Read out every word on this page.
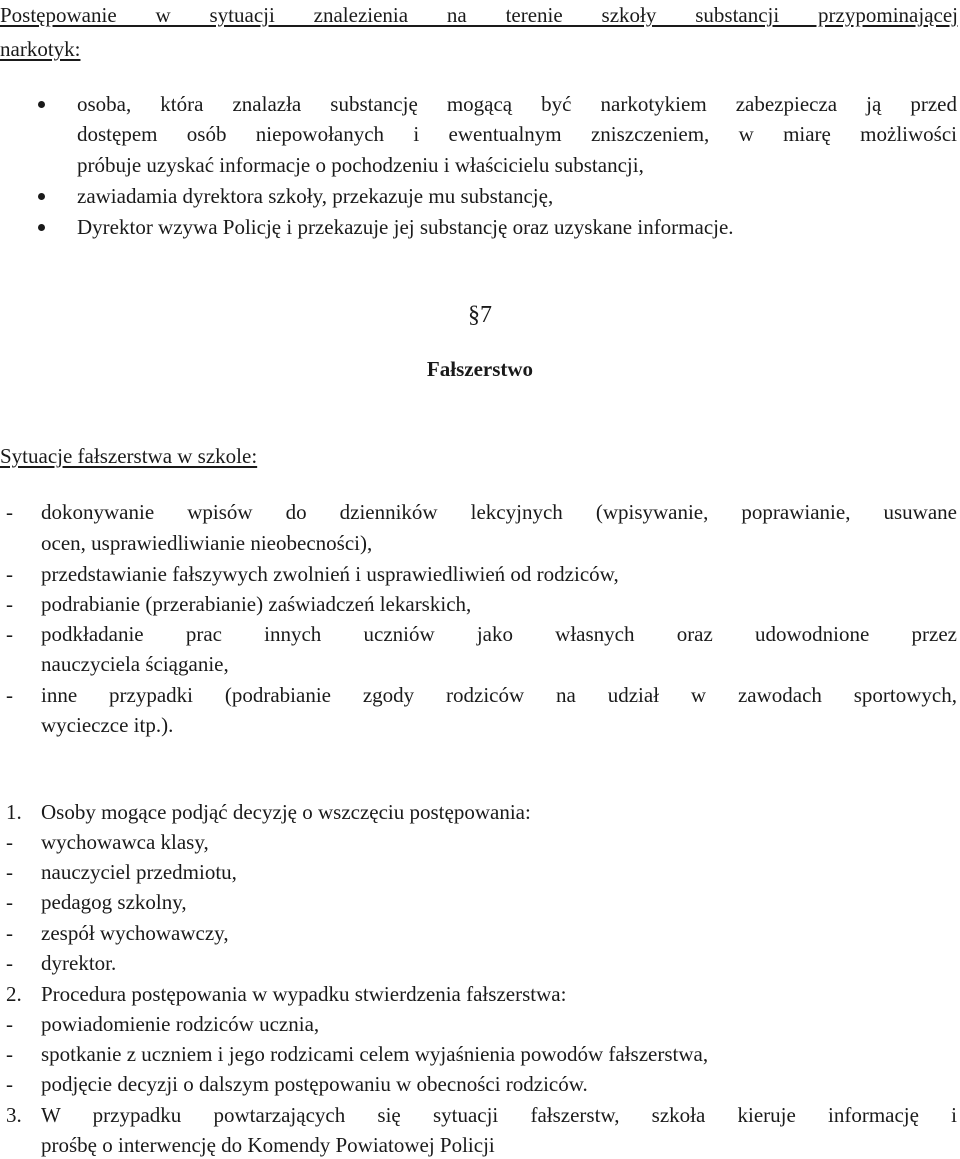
Postępowanie w sytuacji znalezienia na terenie szkoły substancji przypominającej
narkotyk:
osoba, która znalazła substancję mogącą być narkotykiem zabezpiecza ją przed
dostępem osób niepowołanych i ewentualnym zniszczeniem, w miarę możliwości
próbuje uzyskać informacje o pochodzeniu i właścicielu substancji,
zawiadamia dyrektora szkoły, przekazuje mu substancję,
Dyrektor wzywa Policję i przekazuje jej substancję oraz uzyskane informacje.
§7
Fałszerstwo
Sytuacje fałszerstwa w szkole:
- dokonywanie wpisów do dzienników lekcyjnych (wpisywanie, poprawianie, usuwane
ocen, usprawiedliwianie nieobecności),
- przedstawianie fałszywych zwolnień i usprawiedliwień od rodziców,
- podrabianie (przerabianie) zaświadczeń lekarskich,
- podkładanie prac innych uczniów jako własnych oraz udowodnione przez
nauczyciela ściąganie,
- inne przypadki (podrabianie zgody rodziców na udział w zawodach sportowych,
wycieczce itp.).
1. Osoby mogące podjąć decyzję o wszczęciu postępowania:
- wychowawca klasy,
- nauczyciel przedmiotu,
- pedagog szkolny,
- zespół wychowawczy,
- dyrektor.
2. Procedura postępowania w wypadku stwierdzenia fałszerstwa:
- powiadomienie rodziców ucznia,
- spotkanie z uczniem i jego rodzicami celem wyjaśnienia powodów fałszerstwa,
- podjęcie decyzji o dalszym postępowaniu w obecności rodziców.
3. W przypadku powtarzających się sytuacji fałszerstw, szkoła kieruje informację i
prośbę o interwencję do Komendy Powiatowej Policji
